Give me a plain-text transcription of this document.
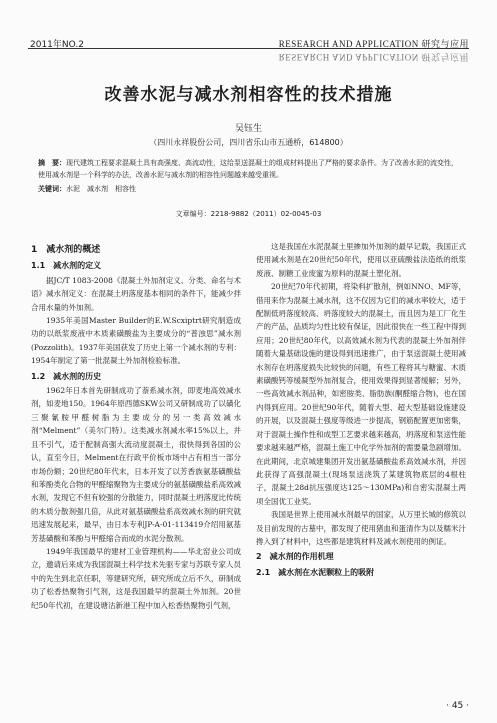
2011年NO.2	RESEARCH AND APPLICATION 研究与应用
RESEARCH AND APPLICATION 研究与应用
改善水泥与减水剂相容性的技术措施
吴钰生
（四川永祥股份公司，四川省乐山市五通桥，614800）
摘　要：现代建筑工程要求混凝土具有高强度、高流动性，这给泵送混凝土的组成材料提出了严格的要求条件。为了改善水泥的流变性，使用减水剂是一个科学的办法，改善水泥与减水剂的相容性问题越来越受重视。
关键词：水泥　减水剂　相容性
文章编号：2218-9882（2011）02-0045-03
1　减水剂的概述
1.1　减水剂的定义

据JC/T 1083-2008《混凝土外加剂定义、分类、命名与术语》减水剂定义：在混凝土坍落度基本相同的条件下，能减少拌合用水量的外加剂。

1935年美国Master Builder的E.W.Scxiptrt研究制造成功的以纸浆废液中木质素磺酸盐为主要成分的“普浊思”减水剂(Pozzolith)。1937年美国获发了历史上第一个减水剂的专利：1954年制定了第一批混凝土外加剂检验标准。

1.2　减水剂的历史

1962年日本首先研制成功了萘系减水剂，即麦地高效减水剂，如麦地150。1964年原西德SKW公司又研制成功了以磺化三聚氰胺甲醛树脂为主要成分的另一类高效减水剂“Melment”（美尔门特）。这类减水剂减水率15%以上，并且不引气，适于配制高强大流动度混凝土，很快得到各国的公认，直至今日，Melment在行政平价板市场中占有相当一部分市场份额；20世纪80年代末，日本开发了以芳香族氨基磺酸盐和苯酚类化合物的甲醛缩聚物为主要成分的氨基磺酸盐系高效减水剂，发现它不但有较强的分散能力，同时混凝土坍落度比传统的木质分散剂强几倍，从此对氨基磺酸盐系高效减水剂的研究就迅速发展起来，最早，由日本专利JP-A-01-113419介绍用氨基芳基磺酸和苯酚与甲醛缩合而成的水泥分散剂。

1949年我国最早的建材工业管理机构——华北窑业公司成立，邀请后来成为我国混凝土科学技术先驱专家与苏联专家人员中的先生到北京任职，等建研究所，研究所成立后不久，研制成功了松香热聚物引气剂，这是我国最早的混凝土外加剂。20世纪50年代初，在建设塘沽新港工程中加入松香热聚物引气剂，

这是我国在水泥混凝土里掺加外加剂的最早记载，我国正式使用减水剂是在20世纪50年代，使用以亚硫酸盐法造纸的纸浆废液、制糖工业废蜜为原料的混凝土塑化剂。

20世纪70年代初期，将染料扩散剂，例如NNO、MF等，借用来作为混凝土减水剂，这不仅因为它们的减水率较大，适于配制低坍落度较高、坍落度较大的混凝土，而且因为是工厂化生产的产品，品质均匀性比较有保证，因此很快在一些工程中得到应用；20世纪80年代，以高效减水剂为代表的混凝土外加剂伴随着大量基础设施的建设得到迅速推广，由于泵送混凝土使用减水剂存在坍落度损失比较快的问题，有些工程将其与糖蜜、木质素磺酸钙等缓凝型外加剂复合，使用效果得到显著缓解；另外，一些高效减水剂品种，如密胺类、脂肪族(酮醛缩合物)，也在国内得到应用。20世纪90年代，随着大型、超大型基础设施建设的开展，以及混凝土强度等级进一步提高，钢筋配置更加密集，对于混凝土操作性和成型工艺要求越来越高，坍落度和泵送性能要求越来越严格，混凝土施工中化学外加剂的需要量急剧增加。在此期间，北京城建集团开发出氨基磺酸盐系高效减水剂，并因此获得了高强混凝土(现场泵送浇筑了某建筑物底层的4根柱子，混凝土28d抗压强度达125～130MPa)和自密实混凝土两项全国优工业奖。

我国是世界上使用减水剂最早的国家，从万里长城的修筑以及目前发现的古墓中，都发现了使用猪血和蛋清作为以及糯米汁搀入到了材料中，这些都是建筑材料及减水剂使用的例证。

2　减水剂的作用机理
2.1　减水剂在水泥颗粒上的吸附
· 45 ·
